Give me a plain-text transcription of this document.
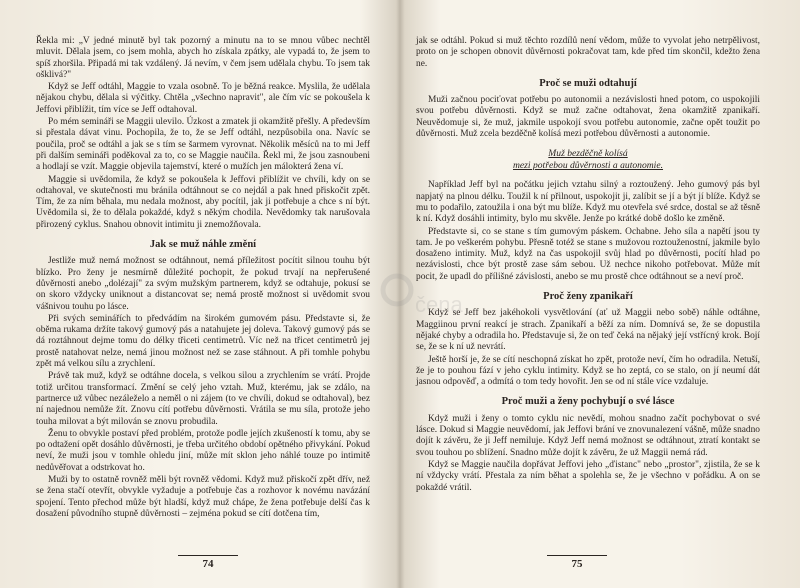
Řekla mi: „V jedné minutě byl tak pozorný a minutu na to se mnou vůbec nechtěl mluvit. Dělala jsem, co jsem mohla, abych ho získala zpátky, ale vypadá to, že jsem to spíš zhoršila. Připadá mi tak vzdálený. Já nevím, v čem jsem udělala chybu. To jsem tak ošklivá?"

Když se Jeff odtáhl, Maggie to vzala osobně. To je běžná reakce. Myslila, že udělala nějakou chybu, dělala si výčitky. Chtěla „všechno napravit", ale čím víc se pokoušela k Jeffovi přiblížit, tím více se Jeff odtahoval.

Po mém semináři se Maggii ulevilo. Úzkost a zmatek ji okamžitě přešly. A především si přestala dávat vinu. Pochopila, že to, že se Jeff odtáhl, nezpůsobila ona. Navíc se poučila, proč se odtáhl a jak se s tím se šarmem vyrovnat. Několik měsíců na to mi Jeff při dalším semináři poděkoval za to, co se Maggie naučila. Řekl mi, že jsou zasnoubeni a hodlají se vzít. Maggie objevila tajemství, které o mužích jen málokterá žena ví.

Maggie si uvědomila, že když se pokoušela k Jeffovi přiblížit ve chvíli, kdy on se odtahoval, ve skutečnosti mu bránila odtáhnout se co nejdál a pak hned přiskočit zpět. Tím, že za ním běhala, mu nedala možnost, aby pocítil, jak ji potřebuje a chce s ní být. Uvědomila si, že to dělala pokaždé, když s někým chodila. Nevědomky tak narušovala přirozený cyklus. Snahou obnovit intimitu ji znemožňovala.

Jak se muž náhle změní

Jestliže muž nemá možnost se odtáhnout, nemá příležitost pocítit silnou touhu být blízko. Pro ženy je nesmírně důležité pochopit, že pokud trvají na nepřerušené důvěrnosti anebo „dolézají" za svým mužským partnerem, když se odtahuje, pokusí se on skoro vždycky uniknout a distancovat se; nemá prostě možnost si uvědomit svou vášnivou touhu po lásce.

Při svých seminářích to předvádím na širokém gumovém pásu. Představte si, že oběma rukama držíte takový gumový pás a natahujete jej doleva. Takový gumový pás se dá roztáhnout dejme tomu do délky třiceti centimetrů. Víc než na třicet centimetrů jej prostě natahovat nelze, nemá jinou možnost než se zase stáhnout. A při tomhle pohybu zpět má velkou sílu a zrychlení.

Právě tak muž, když se odtáhne docela, s velkou silou a zrychlením se vrátí. Projde totiž určitou transformací. Změní se celý jeho vztah. Muž, kterému, jak se zdálo, na partnerce už vůbec nezáleželo a neměl o ni zájem (to ve chvíli, dokud se odtahoval), bez ní najednou nemůže žít. Znovu cítí potřebu důvěrnosti. Vrátila se mu síla, protože jeho touha milovat a být milován se znovu probudila.

Ženu to obvykle postaví před problém, protože podle jejích zkušeností k tomu, aby se po odtažení opět dosáhlo důvěrnosti, je třeba určitého období opětného přivykání. Pokud neví, že muži jsou v tomhle ohledu jiní, může mít sklon jeho náhlé touze po intimitě nedůvěřovat a odstrkovat ho.

Muži by to ostatně rovněž měli být rovněž vědomi. Když muž přiskočí zpět dřív, než se žena stačí otevřít, obvykle vyžaduje a potřebuje čas a rozhovor k novému navázání spojení. Tento přechod může být hladší, když muž chápe, že žena potřebuje delší čas k dosažení původního stupně důvěrnosti – zejména pokud se cítí dotčena tím,

74

jak se odtáhl. Pokud si muž těchto rozdílů není vědom, může to vyvolat jeho netrpělivost, proto on je schopen obnovit důvěrnosti pokračovat tam, kde před tím skončil, kdežto žena ne.

Proč se muži odtahují

Muži začnou pociťovat potřebu po autonomii a nezávislosti hned potom, co uspokojili svou potřebu důvěrnosti. Když se muž začne odtahovat, žena okamžitě zpanikaří. Neuvědomuje si, že muž, jakmile uspokojí svou potřebu autonomie, začne opět toužit po důvěrnosti. Muž zcela bezděčně kolísá mezi potřebou důvěrnosti a autonomie.

Muž bezděčně kolísá
mezi potřebou důvěrnosti a autonomie.

Například Jeff byl na počátku jejich vztahu silný a roztoužený. Jeho gumový pás byl napjatý na plnou délku. Toužil k ní přilnout, uspokojit ji, zalíbit se jí a být jí blíže. Když se mu to podařilo, zatoužila i ona být mu blíže. Když mu otevřela své srdce, dostal se až těsně k ní. Když dosáhli intimity, bylo mu skvěle. Jenže po krátké době došlo ke změně.

Představte si, co se stane s tím gumovým páskem. Ochabne. Jeho síla a napětí jsou ty tam. Je po veškerém pohybu. Přesně totéž se stane s mužovou roztouženostní, jakmile bylo dosaženo intimity. Muž, když na čas uspokojil svůj hlad po důvěrnosti, pocítí hlad po nezávislosti, chce být prostě zase sám sebou. Už nechce nikoho potřebovat. Může mít pocit, že upadl do přílišné závislosti, anebo se mu prostě chce odtáhnout se a neví proč.

Proč ženy zpanikaří

Když se Jeff bez jakéhokoli vysvětlování (ať už Maggii nebo sobě) náhle odtáhne, Maggiinou první reakcí je strach. Zpanikaří a běží za ním. Domnívá se, že se dopustila nějaké chyby a odradila ho. Představuje si, že on teď čeká na nějaký její vstřícný krok. Bojí se, že se k ní už nevrátí.

Ještě horší je, že se cítí neschopná získat ho zpět, protože neví, čím ho odradila. Netuší, že je to pouhou fází v jeho cyklu intimity. Když se ho zeptá, co se stalo, on jí neumí dát jasnou odpověď, a odmítá o tom tedy hovořit. Jen se od ní stále více vzdaluje.

Proč muži a ženy pochybují o své lásce

Když muži i ženy o tomto cyklu nic nevědí, mohou snadno začít pochybovat o své lásce. Dokud si Maggie neuvědomí, jak Jeffovi brání ve znovunalezení vášně, může snadno dojít k závěru, že ji Jeff nemiluje. Když Jeff nemá možnost se odtáhnout, ztratí kontakt se svou touhou po sblížení. Snadno může dojít k závěru, že už Maggii nemá rád.

Když se Maggie naučila dopřávat Jeffovi jeho „ďistanc" nebo „prostor", zjistila, že se k ní vždycky vrátí. Přestala za ním běhat a spolehla se, že je všechno v pořádku. A on se pokaždé vrátil.

75
čena
